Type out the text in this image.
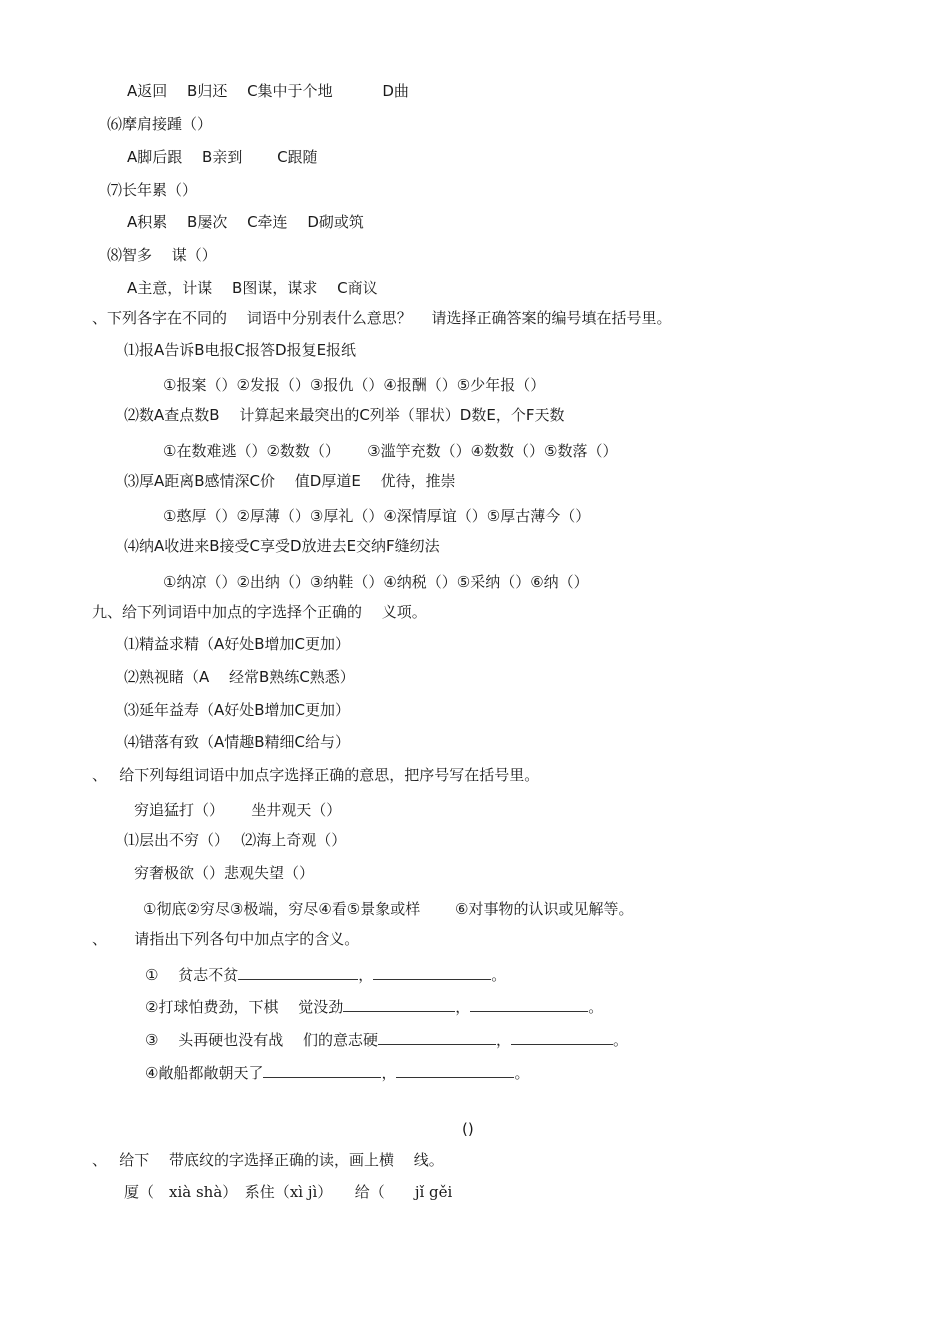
A返回　 B归还　 C集中于个地　　　 D曲
⑹摩肩接踵（）
A脚后跟　 B亲到　　 C跟随
⑺长年累（）
A积累　 B屡次　 C牵连　 D砌或筑
⑻智多　 谋（）
A主意，计谋　 B图谋，谋求　 C商议
、下列各字在不同的　 词语中分别表什么意思？　 请选择正确答案的编号填在括号里。
⑴报A告诉B电报C报答D报复E报纸
①报案（）②发报（）③报仇（）④报酬（）⑤少年报（）
⑵数A查点数B　 计算起来最突出的C列举（罪状）D数E，个F天数
①在数难逃（）②数数（）　　 ③滥竽充数（）④数数（）⑤数落（）
⑶厚A距离B感情深C价　 值D厚道E　 优待，推崇
①憨厚（）②厚薄（）③厚礼（）④深情厚谊（）⑤厚古薄今（）
⑷纳A收进来B接受C享受D放进去E交纳F缝纫法
①纳凉（）②出纳（）③纳鞋（）④纳税（）⑤采纳（）⑥纳（）
九、给下列词语中加点的字选择个正确的　 义项。
⑴精益求精（A好处B增加C更加）
⑵熟视睹（A　 经常B熟练C熟悉）
⑶延年益寿（A好处B增加C更加）
⑷错落有致（A情趣B精细C给与）
、　 给下列每组词语中加点字选择正确的意思，把序号写在括号里。
穷追猛打（）　　 坐井观天（）
⑴层出不穷（）　 ⑵海上奇观（）
穷奢极欲（）悲观失望（）
①彻底②穷尽③极端，穷尽④看⑤景象或样　　 ⑥对事物的认识或见解等。
、　　 请指出下列各句中加点字的含义。
①　 贫志不贫	，	。
②打球怕费劲，下棋　 觉没劲	，	。
③　 头再硬也没有战　 们的意志硬	，	。
④敞船都敞朝天了	，	。
()
、　 给下　 带底纹的字选择正确的读，画上横　 线。
厦（　xià shà）　系住（xì jì）　　给（　　jǐ gěi
